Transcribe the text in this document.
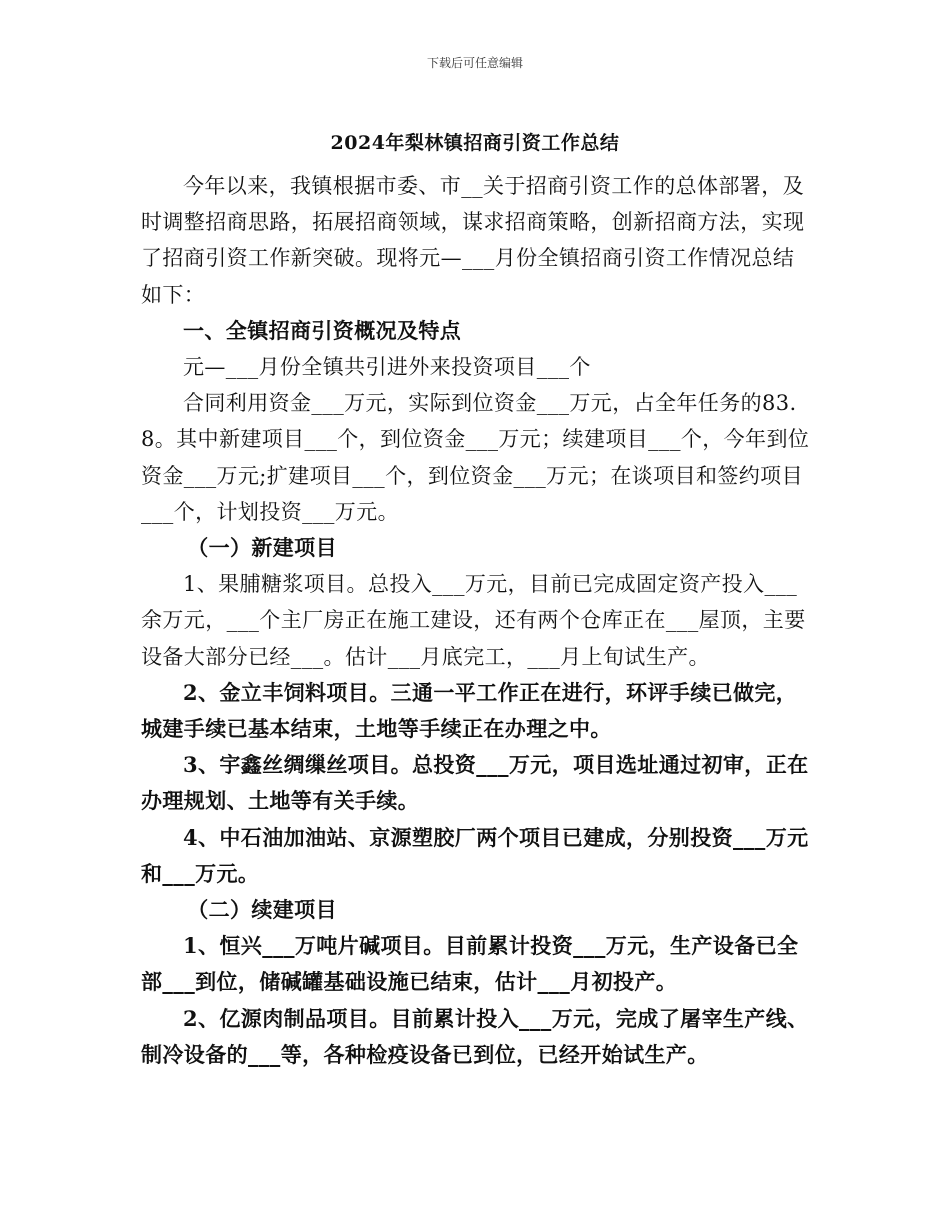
下载后可任意编辑
2024年梨林镇招商引资工作总结

今年以来，我镇根据市委、市__关于招商引资工作的总体部署，及时调整招商思路，拓展招商领域，谋求招商策略，创新招商方法，实现了招商引资工作新突破。现将元—___月份全镇招商引资工作情况总结如下：

一、全镇招商引资概况及特点

元—___月份全镇共引进外来投资项目___个

合同利用资金___万元，实际到位资金___万元，占全年任务的83.8。其中新建项目___个，到位资金___万元；续建项目___个，今年到位资金___万元;扩建项目___个，到位资金___万元；在谈项目和签约项目___个，计划投资___万元。

（一）新建项目

1、果脯糖浆项目。总投入___万元，目前已完成固定资产投入___余万元，___个主厂房正在施工建设，还有两个仓库正在___屋顶，主要设备大部分已经___。估计___月底完工，___月上旬试生产。

2、金立丰饲料项目。三通一平工作正在进行，环评手续已做完，城建手续已基本结束，土地等手续正在办理之中。

3、宇鑫丝绸缫丝项目。总投资___万元，项目选址通过初审，正在办理规划、土地等有关手续。

4、中石油加油站、京源塑胶厂两个项目已建成，分别投资___万元和___万元。

（二）续建项目

1、恒兴___万吨片碱项目。目前累计投资___万元，生产设备已全部___到位，储碱罐基础设施已结束，估计___月初投产。

2、亿源肉制品项目。目前累计投入___万元，完成了屠宰生产线、制冷设备的___等，各种检疫设备已到位，已经开始试生产。
